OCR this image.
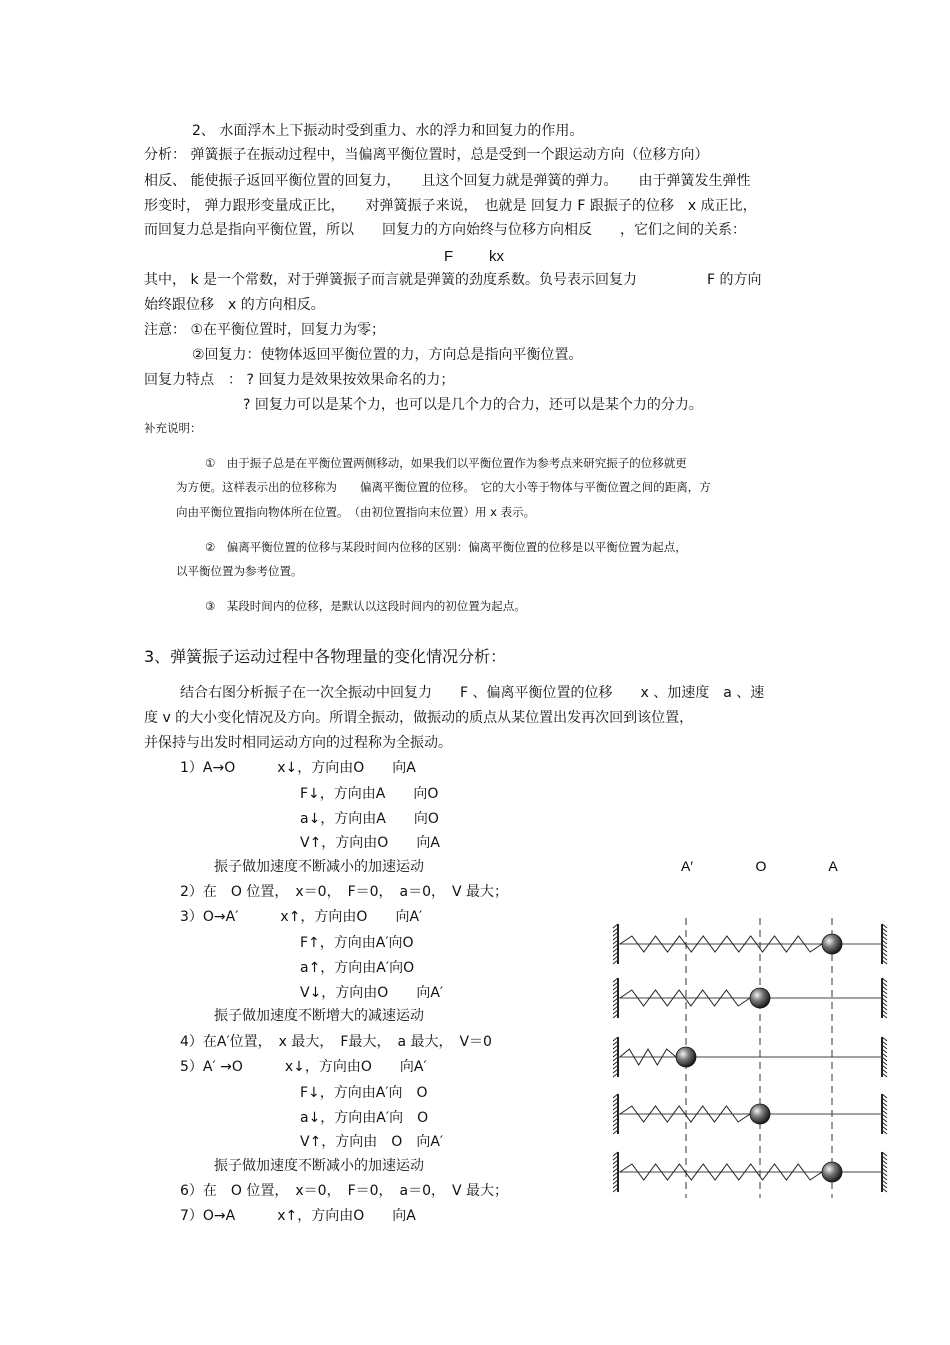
2、 水面浮木上下振动时受到重力、水的浮力和回复力的作用。
分析： 弹簧振子在振动过程中，当偏离平衡位置时，总是受到一个跟运动方向（位移方向）
相反、 能使振子返回平衡位置的回复力，　　且这个回复力就是弹簧的弹力。　　由于弹簧发生弹性
形变时， 弹力跟形变量成正比，　　对弹簧振子来说，　也就是 回复力 F 跟振子的位移　x 成正比，
而回复力总是指向平衡位置，所以　　回复力的方向始终与位移方向相反　　，它们之间的关系：
F kx
其中， k 是一个常数，对于弹簧振子而言就是弹簧的劲度系数。负号表示回复力　　　　　F 的方向
始终跟位移　x 的方向相反。
注意： ①在平衡位置时，回复力为零；
②回复力：使物体返回平衡位置的力，方向总是指向平衡位置。
回复力特点　： ? 回复力是效果按效果命名的力；
? 回复力可以是某个力，也可以是几个力的合力，还可以是某个力的分力。
补充说明：
①　由于振子总是在平衡位置两侧移动，如果我们以平衡位置作为参考点来研究振子的位移就更
为方便。这样表示出的位移称为　　偏离平衡位置的位移。　它的大小等于物体与平衡位置之间的距离，方
向由平衡位置指向物体所在位置。　（由初位置指向末位置）用 x 表示。
②　偏离平衡位置的位移与某段时间内位移的区别：偏离平衡位置的位移是以平衡位置为起点，
以平衡位置为参考位置。
③　某段时间内的位移，是默认以这段时间内的初位置为起点。
3、弹簧振子运动过程中各物理量的变化情况分析：
结合右图分析振子在一次全振动中回复力　　F 、偏离平衡位置的位移　　x 、加速度　a 、速
度 v 的大小变化情况及方向。所谓全振动，做振动的质点从某位置出发再次回到该位置，
并保持与出发时相同运动方向的过程称为全振动。
1）A→O　　　x↓，方向由O　　向A
F↓，方向由A　　向O
a↓，方向由A　　向O
V↑，方向由O　　向A
振子做加速度不断减小的加速运动
2）在　O 位置，　x＝0，　F＝0，　a＝0，　V 最大；
3）O→A′　　　x↑，方向由O　　向A′
F↑，方向由A′向O
a↑，方向由A′向O
V↓，方向由O　　向A′
振子做加速度不断增大的减速运动
4）在A′位置，　x 最大，　F最大，　a 最大，　V＝0
5）A′ →O　　　x↓，方向由O　　向A′
F↓，方向由A′向　O
a↓，方向由A′向　O
V↑，方向由　O　向A′
振子做加速度不断减小的加速运动
6）在　O 位置，　x＝0，　F＝0，　a＝0，　V 最大；
7）O→A　　　x↑，方向由O　　向A
A′	O	A
